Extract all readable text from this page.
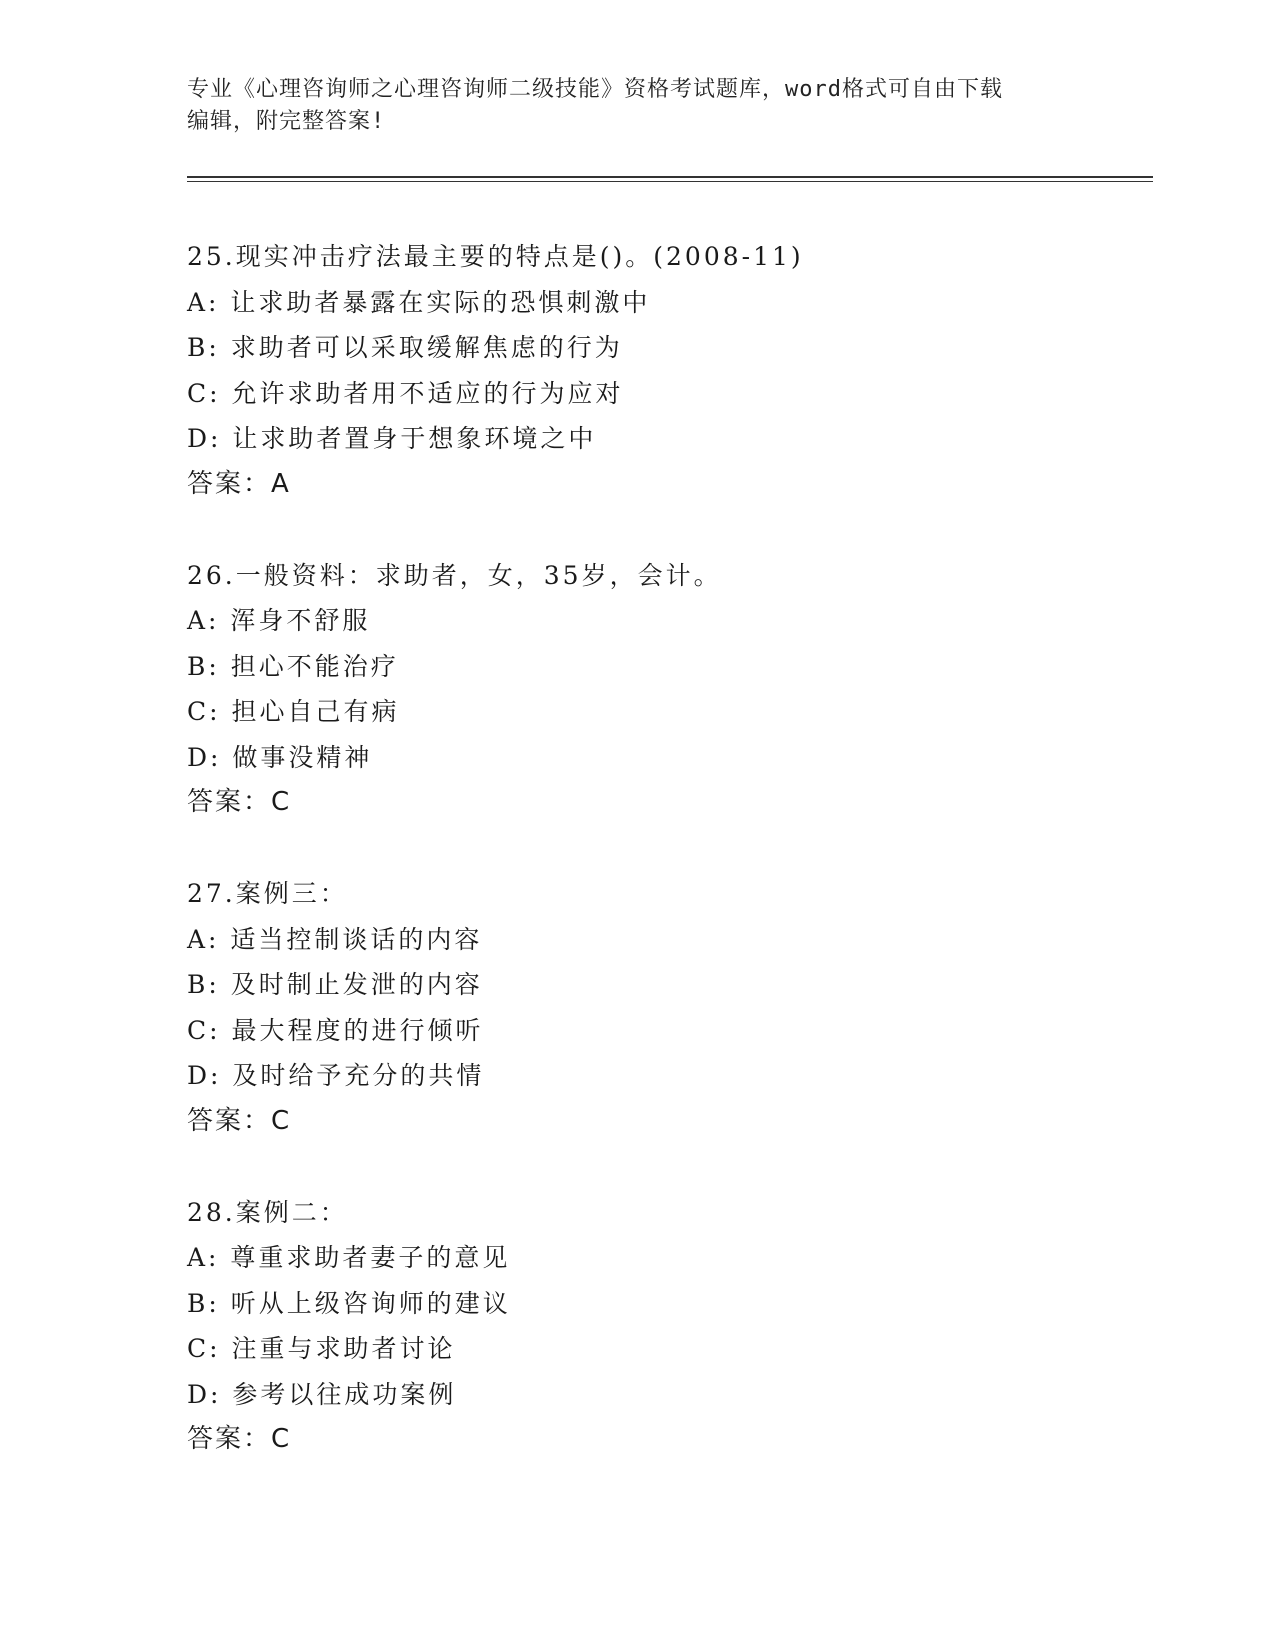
专业《心理咨询师之心理咨询师二级技能》资格考试题库，word格式可自由下载
编辑，附完整答案!
25.现实冲击疗法最主要的特点是()。(2008-11)
A: 让求助者暴露在实际的恐惧刺激中
B: 求助者可以采取缓解焦虑的行为
C: 允许求助者用不适应的行为应对
D: 让求助者置身于想象环境之中
答案：A
26.一般资料：求助者，女，35岁，会计。
A: 浑身不舒服
B: 担心不能治疗
C: 担心自己有病
D: 做事没精神
答案：C
27.案例三：
A: 适当控制谈话的内容
B: 及时制止发泄的内容
C: 最大程度的进行倾听
D: 及时给予充分的共情
答案：C
28.案例二：
A: 尊重求助者妻子的意见
B: 听从上级咨询师的建议
C: 注重与求助者讨论
D: 参考以往成功案例
答案：C
